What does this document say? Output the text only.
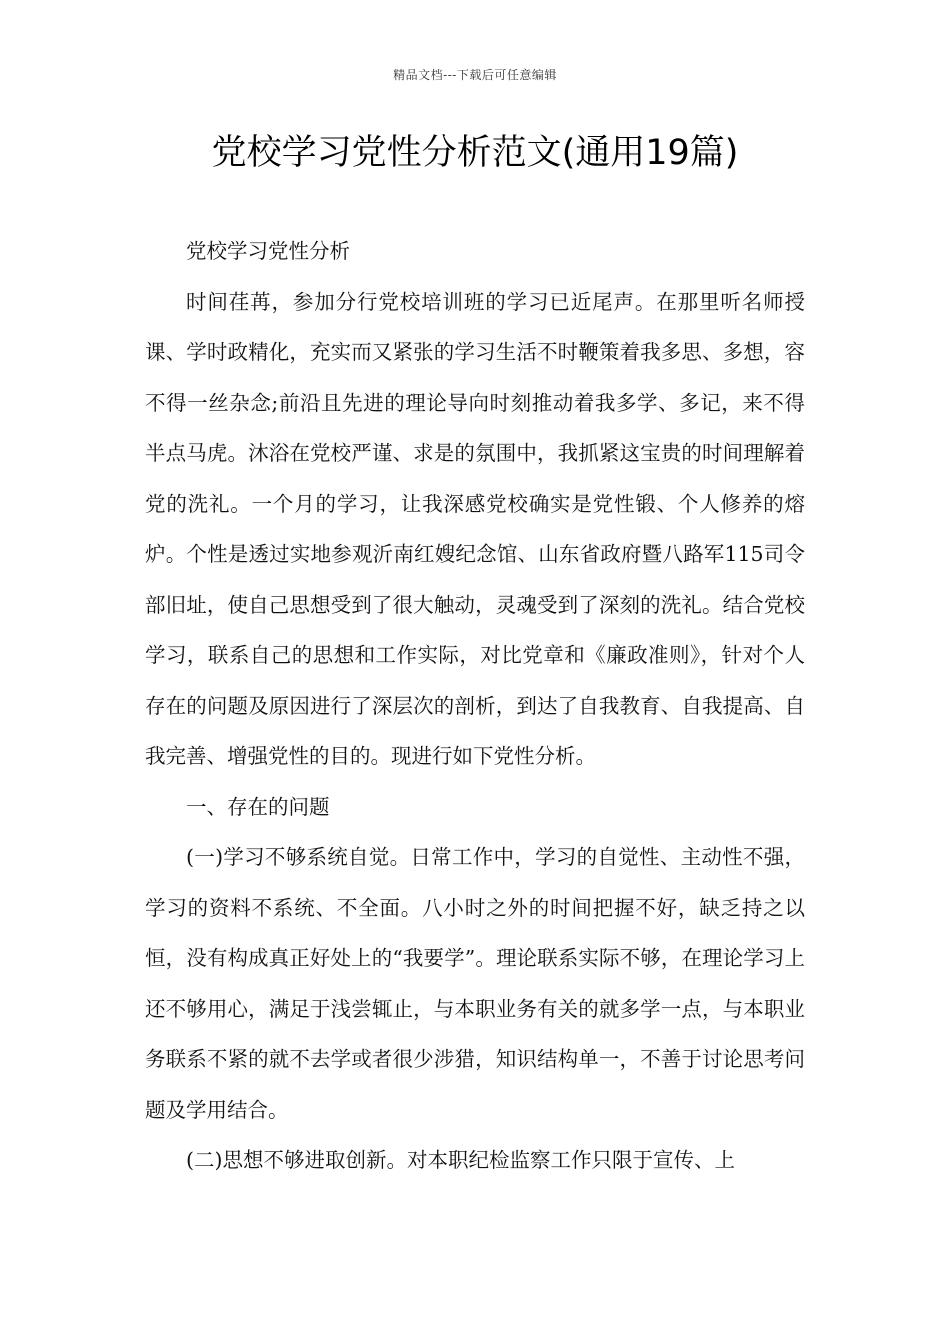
精品文档---下载后可任意编辑
党校学习党性分析范文(通用19篇)

党校学习党性分析

时间荏苒，参加分行党校培训班的学习已近尾声。在那里听名师授课、学时政精化，充实而又紧张的学习生活不时鞭策着我多思、多想，容不得一丝杂念;前沿且先进的理论导向时刻推动着我多学、多记，来不得半点马虎。沐浴在党校严谨、求是的氛围中，我抓紧这宝贵的时间理解着党的洗礼。一个月的学习，让我深感党校确实是党性锻、个人修养的熔炉。个性是透过实地参观沂南红嫂纪念馆、山东省政府暨八路军115司令部旧址，使自己思想受到了很大触动，灵魂受到了深刻的洗礼。结合党校学习，联系自己的思想和工作实际，对比党章和《廉政准则》，针对个人存在的问题及原因进行了深层次的剖析，到达了自我教育、自我提高、自我完善、增强党性的目的。现进行如下党性分析。

一、存在的问题

(一)学习不够系统自觉。日常工作中，学习的自觉性、主动性不强，学习的资料不系统、不全面。八小时之外的时间把握不好，缺乏持之以恒，没有构成真正好处上的“我要学”。理论联系实际不够，在理论学习上还不够用心，满足于浅尝辄止，与本职业务有关的就多学一点，与本职业务联系不紧的就不去学或者很少涉猎，知识结构单一，不善于讨论思考问题及学用结合。

(二)思想不够进取创新。对本职纪检监察工作只限于宣传、上
